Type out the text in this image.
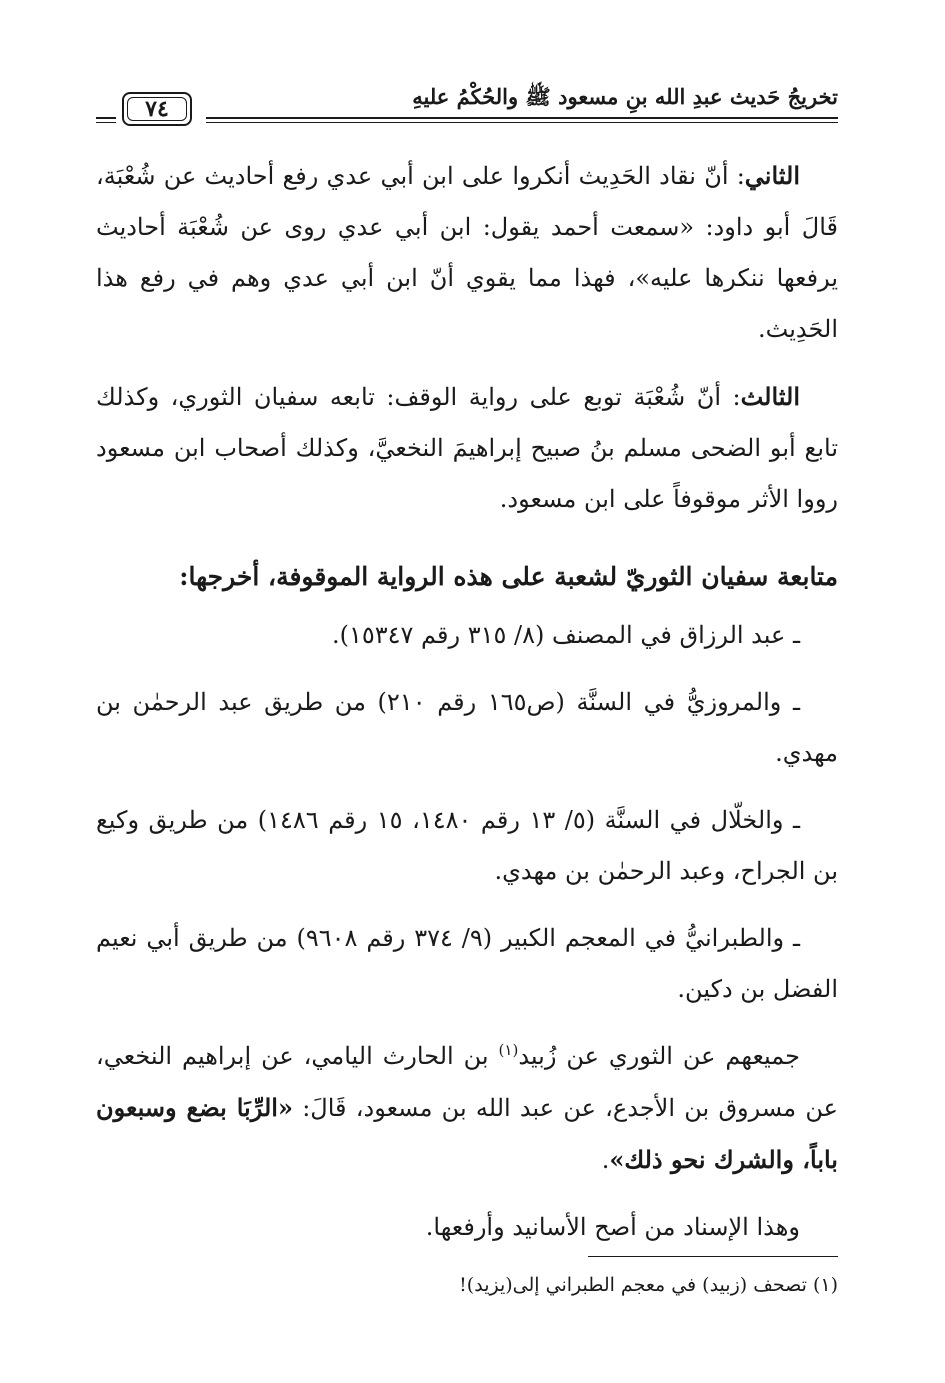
تخريجُ حَديث عبدِ الله بنِ مسعود ﷺ والحُكْمُ عليهِ
٧٤

الثاني: أنّ نقاد الحَدِيث أنكروا على ابن أبي عدي رفع أحاديث عن شُعْبَة، قَالَ أبو داود: «سمعت أحمد يقول: ابن أبي عدي روى عن شُعْبَة أحاديث يرفعها ننكرها عليه»، فهذا مما يقوي أنّ ابن أبي عدي وهم في رفع هذا الحَدِيث.

الثالث: أنّ شُعْبَة توبع على رواية الوقف: تابعه سفيان الثوري، وكذلك تابع أبو الضحى مسلم بنُ صبيح إبراهيمَ النخعيَّ، وكذلك أصحاب ابن مسعود رووا الأثر موقوفاً على ابن مسعود.

متابعة سفيان الثوريّ لشعبة على هذه الرواية الموقوفة، أخرجها:

ـ عبد الرزاق في المصنف (٨/ ٣١٥ رقم ١٥٣٤٧).

ـ والمروزيُّ في السنَّة (ص١٦٥ رقم ٢١٠) من طريق عبد الرحمٰن بن مهدي.

ـ والخلّال في السنَّة (٥/ ١٣ رقم ١٤٨٠، ١٥ رقم ١٤٨٦) من طريق وكيع بن الجراح، وعبد الرحمٰن بن مهدي.

ـ والطبرانيُّ في المعجم الكبير (٩/ ٣٧٤ رقم ٩٦٠٨) من طريق أبي نعيم الفضل بن دكين.

جميعهم عن الثوري عن زُبيد$^{(١)}$ بن الحارث اليامي، عن إبراهيم النخعي، عن مسروق بن الأجدع، عن عبد الله بن مسعود، قَالَ: «الرِّبَا بضع وسبعون باباً، والشرك نحو ذلك».

وهذا الإسناد من أصح الأسانيد وأرفعها.

(١) تصحف (زبيد) في معجم الطبراني إلى(يزيد)!
